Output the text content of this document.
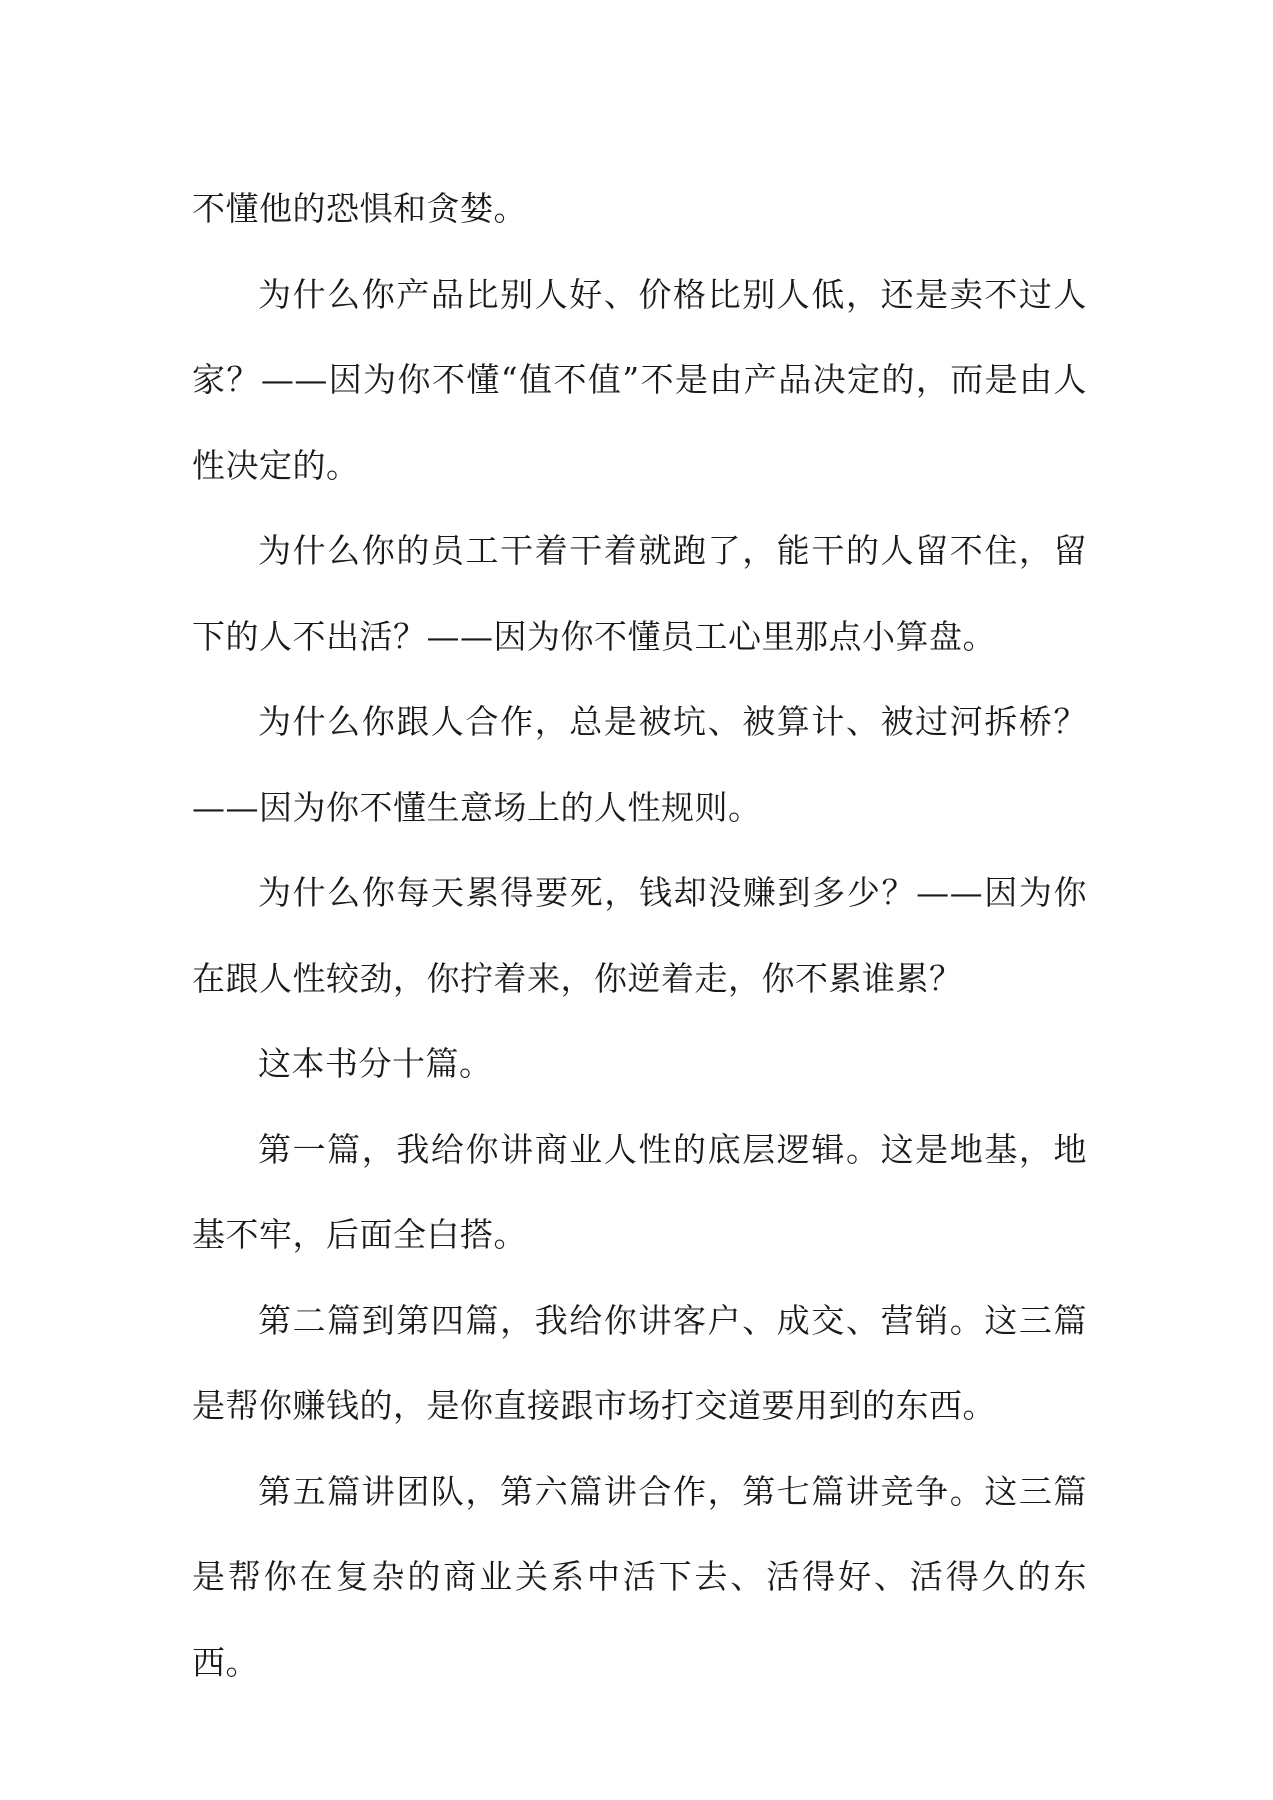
不懂他的恐惧和贪婪。

为什么你产品比别人好、价格比别人低，还是卖不过人家？——因为你不懂“值不值”不是由产品决定的，而是由人性决定的。

为什么你的员工干着干着就跑了，能干的人留不住，留下的人不出活？——因为你不懂员工心里那点小算盘。

为什么你跟人合作，总是被坑、被算计、被过河拆桥？——因为你不懂生意场上的人性规则。

为什么你每天累得要死，钱却没赚到多少？——因为你在跟人性较劲，你拧着来，你逆着走，你不累谁累？

这本书分十篇。

第一篇，我给你讲商业人性的底层逻辑。这是地基，地基不牢，后面全白搭。

第二篇到第四篇，我给你讲客户、成交、营销。这三篇是帮你赚钱的，是你直接跟市场打交道要用到的东西。

第五篇讲团队，第六篇讲合作，第七篇讲竞争。这三篇是帮你在复杂的商业关系中活下去、活得好、活得久的东西。
